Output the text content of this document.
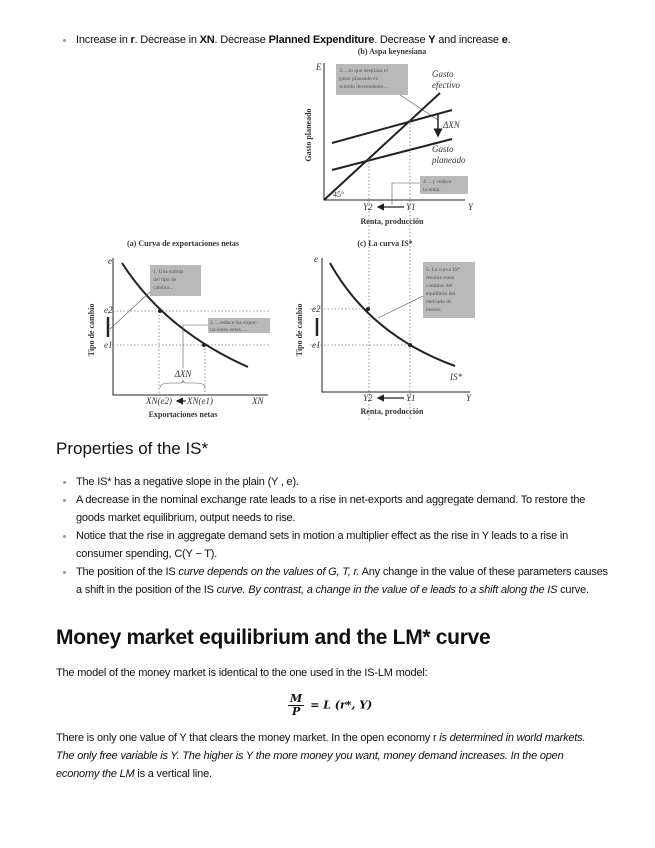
Increase in r. Decrease in XN. Decrease Planned Expenditure. Decrease Y and increase e.
(b) Aspa keynesiana
Gasto planeado
E	3. ...lo que desplaza el
gasto planeado en
sentido descendente...
Gasto
efectivo
ΔXN
Gasto
planeado
4. ...y reduce
la renta.
45°
Y2	Y1	Y
Renta, producción
(a) Curva de exportaciones netas
Tipo de cambio
e
e2
e1
1. Una subida
del tipo de
cambio...
2. ...reduce las expor-
taciones netas, ...
ΔXN
XN(e2) XN(e1)	XN
Exportaciones netas
(c) La curva IS*
Tipo de cambio
e
e2
e1
5. La curva IS*
resume estos
cambios del
equilibrio del
mercado de
bienes.
IS*
Y2	Y1	Y
Renta, producción
Properties of the IS*
The IS* has a negative slope in the plain (Y , e).
A decrease in the nominal exchange rate leads to a rise in net-exports and aggregate demand. To restore the goods market equilibrium, output needs to rise.
Notice that the rise in aggregate demand sets in motion a multiplier effect as the rise in Y leads to a rise in consumer spending, C(Y − T).
The position of the IS curve depends on the values of G, T, r. Any change in the value of these parameters causes a shift in the position of the IS curve. By contrast, a change in the value of e leads to a shift along the IS curve.
Money market equilibrium and the LM* curve

The model of the money market is identical to the one used in the IS-LM model:

$\frac{M}{P} = L$ (r*, Y)

There is only one value of Y that clears the money market. In the open economy r is determined in world markets. The only free variable is Y. The higher is Y the more money you want, money demand increases. In the open economy the LM is a vertical line.
